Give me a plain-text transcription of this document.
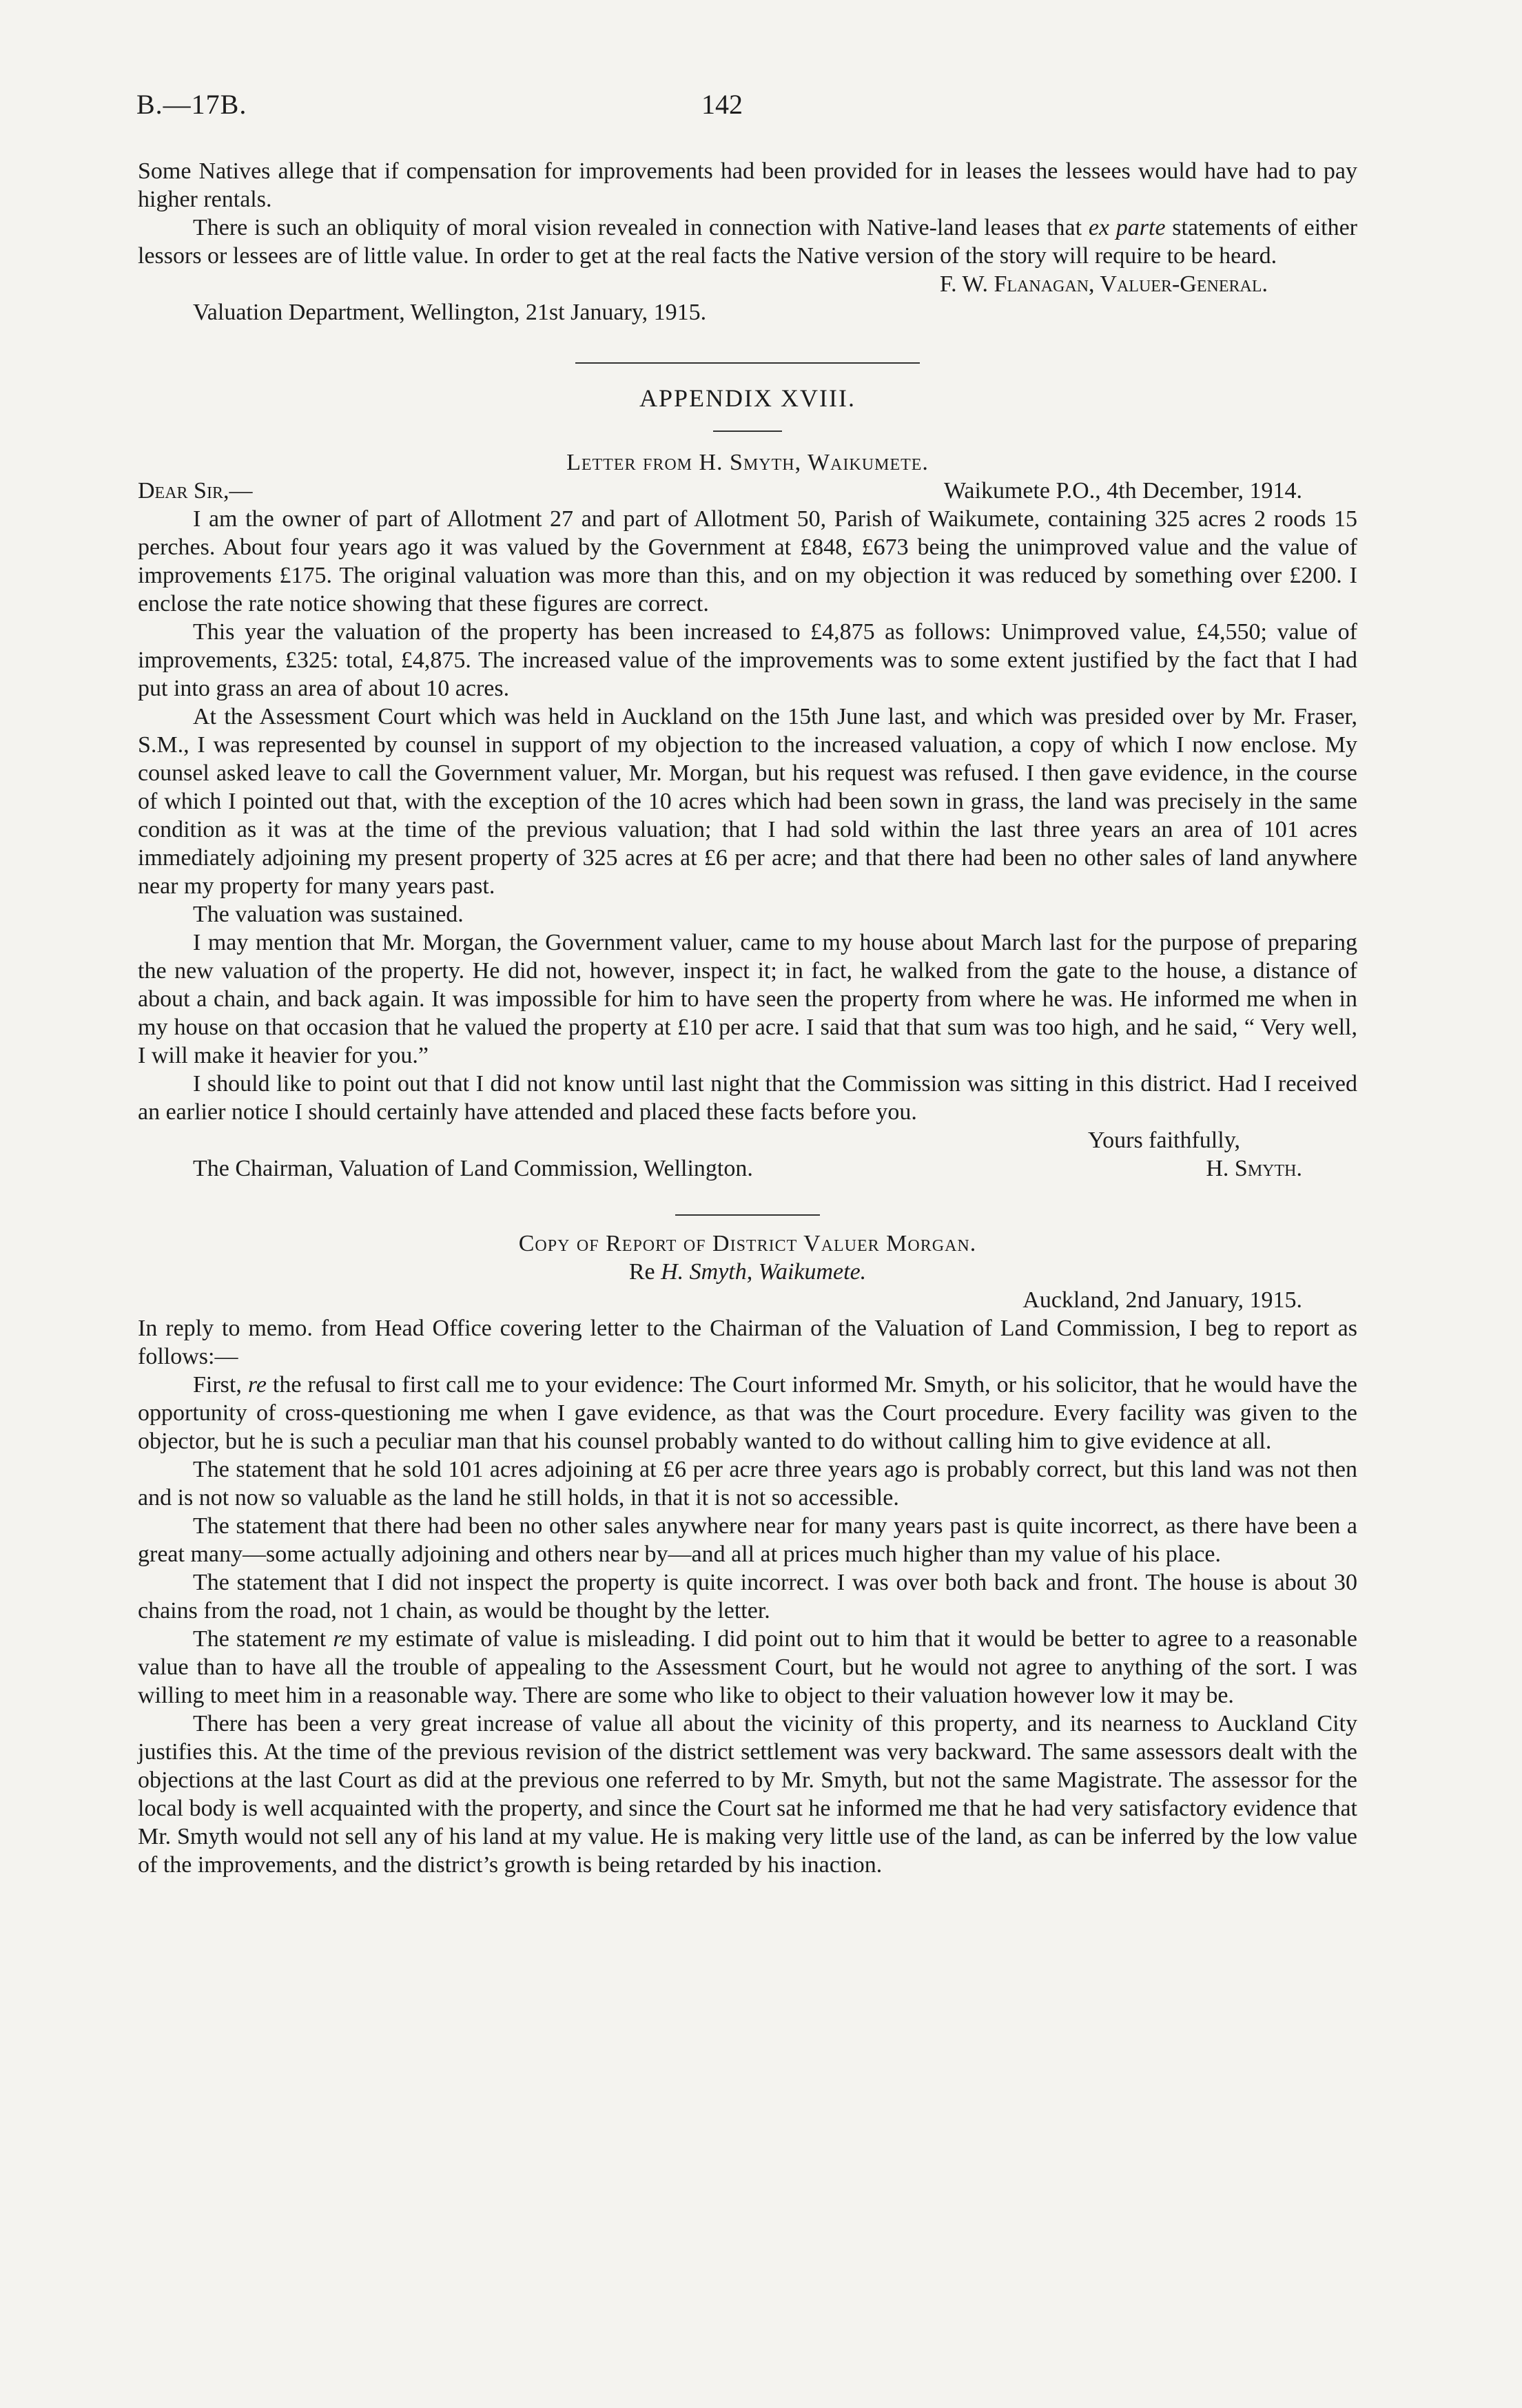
B.—17B.	142

Some Natives allege that if compensation for improvements had been provided for in leases the lessees would have had to pay higher rentals.

There is such an obliquity of moral vision revealed in connection with Native-land leases that ex parte statements of either lessors or lessees are of little value. In order to get at the real facts the Native version of the story will require to be heard.

F. W. Flanagan, Valuer-General.

Valuation Department, Wellington, 21st January, 1915.

APPENDIX XVIII.

Letter from H. Smyth, Waikumete.

Dear Sir,—	Waikumete P.O., 4th December, 1914.

I am the owner of part of Allotment 27 and part of Allotment 50, Parish of Waikumete, containing 325 acres 2 roods 15 perches. About four years ago it was valued by the Government at £848, £673 being the unimproved value and the value of improvements £175. The original valuation was more than this, and on my objection it was reduced by something over £200. I enclose the rate notice showing that these figures are correct.

This year the valuation of the property has been increased to £4,875 as follows: Unimproved value, £4,550; value of improvements, £325: total, £4,875. The increased value of the improvements was to some extent justified by the fact that I had put into grass an area of about 10 acres.

At the Assessment Court which was held in Auckland on the 15th June last, and which was presided over by Mr. Fraser, S.M., I was represented by counsel in support of my objection to the increased valuation, a copy of which I now enclose. My counsel asked leave to call the Government valuer, Mr. Morgan, but his request was refused. I then gave evidence, in the course of which I pointed out that, with the exception of the 10 acres which had been sown in grass, the land was precisely in the same condition as it was at the time of the previous valuation; that I had sold within the last three years an area of 101 acres immediately adjoining my present property of 325 acres at £6 per acre; and that there had been no other sales of land anywhere near my property for many years past.

The valuation was sustained.

I may mention that Mr. Morgan, the Government valuer, came to my house about March last for the purpose of preparing the new valuation of the property. He did not, however, inspect it; in fact, he walked from the gate to the house, a distance of about a chain, and back again. It was impossible for him to have seen the property from where he was. He informed me when in my house on that occasion that he valued the property at £10 per acre. I said that that sum was too high, and he said, “ Very well, I will make it heavier for you.”

I should like to point out that I did not know until last night that the Commission was sitting in this district. Had I received an earlier notice I should certainly have attended and placed these facts before you.

Yours faithfully,

The Chairman, Valuation of Land Commission, Wellington.	H. Smyth.

Copy of Report of District Valuer Morgan.

Re H. Smyth, Waikumete.

Auckland, 2nd January, 1915.

In reply to memo. from Head Office covering letter to the Chairman of the Valuation of Land Commission, I beg to report as follows:—

First, re the refusal to first call me to your evidence: The Court informed Mr. Smyth, or his solicitor, that he would have the opportunity of cross-questioning me when I gave evidence, as that was the Court procedure. Every facility was given to the objector, but he is such a peculiar man that his counsel probably wanted to do without calling him to give evidence at all.

The statement that he sold 101 acres adjoining at £6 per acre three years ago is probably correct, but this land was not then and is not now so valuable as the land he still holds, in that it is not so accessible.

The statement that there had been no other sales anywhere near for many years past is quite incorrect, as there have been a great many—some actually adjoining and others near by—and all at prices much higher than my value of his place.

The statement that I did not inspect the property is quite incorrect. I was over both back and front. The house is about 30 chains from the road, not 1 chain, as would be thought by the letter.

The statement re my estimate of value is misleading. I did point out to him that it would be better to agree to a reasonable value than to have all the trouble of appealing to the Assessment Court, but he would not agree to anything of the sort. I was willing to meet him in a reasonable way. There are some who like to object to their valuation however low it may be.

There has been a very great increase of value all about the vicinity of this property, and its nearness to Auckland City justifies this. At the time of the previous revision of the district settlement was very backward. The same assessors dealt with the objections at the last Court as did at the previous one referred to by Mr. Smyth, but not the same Magistrate. The assessor for the local body is well acquainted with the property, and since the Court sat he informed me that he had very satisfactory evidence that Mr. Smyth would not sell any of his land at my value. He is making very little use of the land, as can be inferred by the low value of the improvements, and the district’s growth is being retarded by his inaction.
